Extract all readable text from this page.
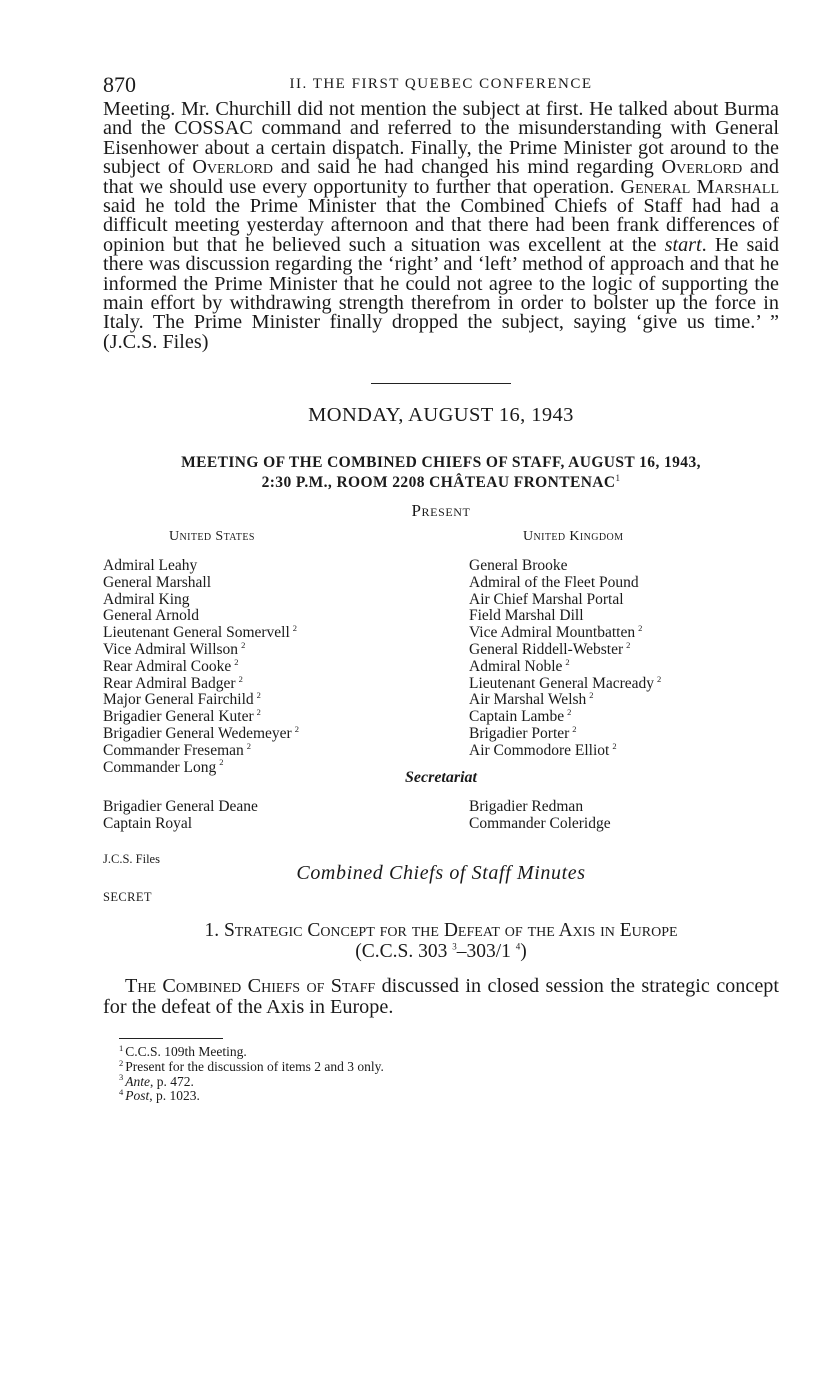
870	II. THE FIRST QUEBEC CONFERENCE

Meeting. Mr. Churchill did not mention the subject at first. He talked about Burma and the COSSAC command and referred to the misunderstanding with General Eisenhower about a certain dispatch. Finally, the Prime Minister got around to the subject of Overlord and said he had changed his mind regarding Overlord and that we should use every opportunity to further that operation. General Marshall said he told the Prime Minister that the Combined Chiefs of Staff had had a difficult meeting yesterday afternoon and that there had been frank differences of opinion but that he believed such a situation was excellent at the start. He said there was discussion regarding the ‘right’ and ‘left’ method of approach and that he informed the Prime Minister that he could not agree to the logic of supporting the main effort by withdrawing strength therefrom in order to bolster up the force in Italy. The Prime Minister finally dropped the subject, saying ‘give us time.’ ” (J.C.S. Files)

MONDAY, AUGUST 16, 1943
MEETING OF THE COMBINED CHIEFS OF STAFF, AUGUST 16, 1943,
2:30 P.M., ROOM 2208 CHÂTEAU FRONTENAC$^1$
Present
United States
Admiral Leahy
General Marshall
Admiral King
General Arnold
Lieutenant General Somervell $^2$
Vice Admiral Willson $^2$
Rear Admiral Cooke $^2$
Rear Admiral Badger $^2$
Major General Fairchild $^2$
Brigadier General Kuter $^2$
Brigadier General Wedemeyer $^2$
Commander Freseman $^2$
Commander Long $^2$
United Kingdom
General Brooke
Admiral of the Fleet Pound
Air Chief Marshal Portal
Field Marshal Dill
Vice Admiral Mountbatten $^2$
General Riddell-Webster $^2$
Admiral Noble $^2$
Lieutenant General Macready $^2$
Air Marshal Welsh $^2$
Captain Lambe $^2$
Brigadier Porter $^2$
Air Commodore Elliot $^2$
Secretariat
Brigadier General Deane
Captain Royal
Brigadier Redman
Commander Coleridge
J.C.S. Files
Combined Chiefs of Staff Minutes
SECRET
1. Strategic Concept for the Defeat of the Axis in Europe
(C.C.S. 303 $^3$–303/1 $^4$)

The Combined Chiefs of Staff discussed in closed session the strategic concept for the defeat of the Axis in Europe.

$^1$ C.C.S. 109th Meeting.
$^2$ Present for the discussion of items 2 and 3 only.
$^3$ Ante, p. 472.
$^4$ Post, p. 1023.
